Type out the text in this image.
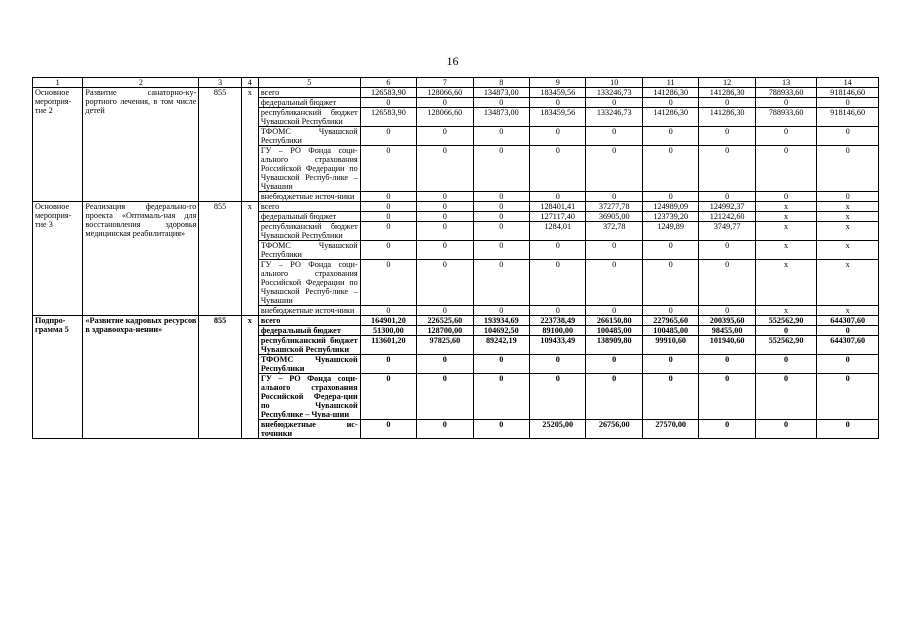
16
1	2	3	4	5	6	7	8	9	10	11	12	13	14
Основное мероприя-тие 2	Развитие санаторно-ку-рортного лечения, в том числе детей	855	х	всего	126583,90	128066,60	134873,00	183459,56	133246,73	141286,30	141286,30	788933,60	918146,60
				федеральный бюджет	0	0	0	0	0	0	0	0	0
				республиканский бюджет Чувашской Республики	126583,90	128066,60	134873,00	183459,56	133246,73	141286,30	141286,30	788933,60	918146,60
				ТФОМС Чувашской Республики	0	0	0	0	0	0	0	0	0
				ГУ – РО Фонда соци-ального страхования Российской Федерации по Чувашской Респуб-лике – Чувашии	0	0	0	0	0	0	0	0	0
				внебюджетные источ-ники	0	0	0	0	0	0	0	0	0
Основное мероприя-тие 3	Реализация федерально-го проекта «Оптималь-ная для восстановления здоровья медицинская реабилитация»	855	х	всего	0	0	0	128401,41	37277,78	124989,09	124992,37	х	х
				федеральный бюджет	0	0	0	127117,40	36905,00	123739,20	121242,60	х	х
				республиканский бюджет Чувашской Республики	0	0	0	1284,01	372,78	1249,89	3749,77	х	х
				ТФОМС Чувашской Республики	0	0	0	0	0	0	0	х	х
				ГУ – РО Фонда соци-ального страхования Российской Федерации по Чувашской Респуб-лике – Чувашии	0	0	0	0	0	0	0	х	х
				внебюджетные источ-ники	0	0	0	0	0	0	0	х	х
Подпро-грамма 5	«Развитие кадровых ресурсов в здравоохра-нении»	855	х	всего	164901,20	226525,60	193934,69	223738,49	266150,80	227965,60	200395,60	552562,90	644307,60
				федеральный бюджет	51300,00	128700,00	104692,50	89100,00	100485,00	100485,00	98455,00	0	0
				республиканский бюджет Чувашской Республики	113601,20	97825,60	89242,19	109433,49	138909,80	99910,60	101940,60	552562,90	644307,60
				ТФОМС Чувашской Республики	0	0	0	0	0	0	0	0	0
				ГУ – РО Фонда соци-ального страхования Российской Федера-ции по Чувашской Республике – Чува-шии	0	0	0	0	0	0	0	0	0
				внебюджетные ис-точники	0	0	0	25205,00	26756,00	27570,00	0	0	0
